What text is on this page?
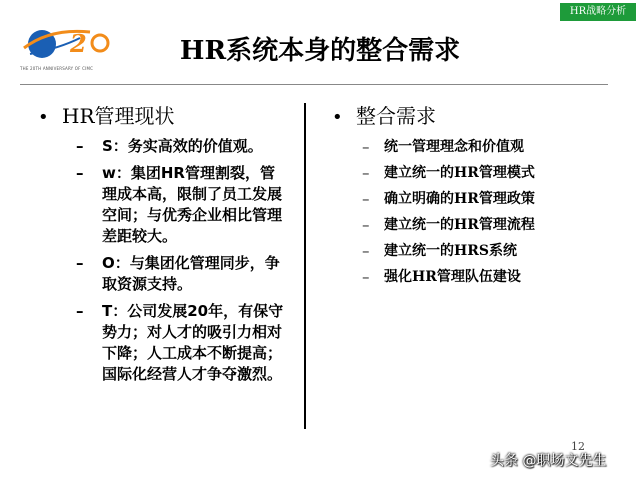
HR战略分析
2
THE 20TH ANNIVERSARY OF CIMC
HR系统本身的整合需求
• HR管理现状
–	S：务实高效的价值观。
–	w：集团HR管理割裂，管理成本高，限制了员工发展空间；与优秀企业相比管理差距较大。
–	O：与集团化管理同步，争取资源支持。
–	T：公司发展20年，有保守势力；对人才的吸引力相对下降；人工成本不断提高；国际化经营人才争夺激烈。
• 整合需求
–	统一管理理念和价值观
–	建立统一的HR管理模式
–	确立明确的HR管理政策
–	建立统一的HR管理流程
–	建立统一的HRS系统
–	强化HR管理队伍建设
12
头条 @职场文先生
